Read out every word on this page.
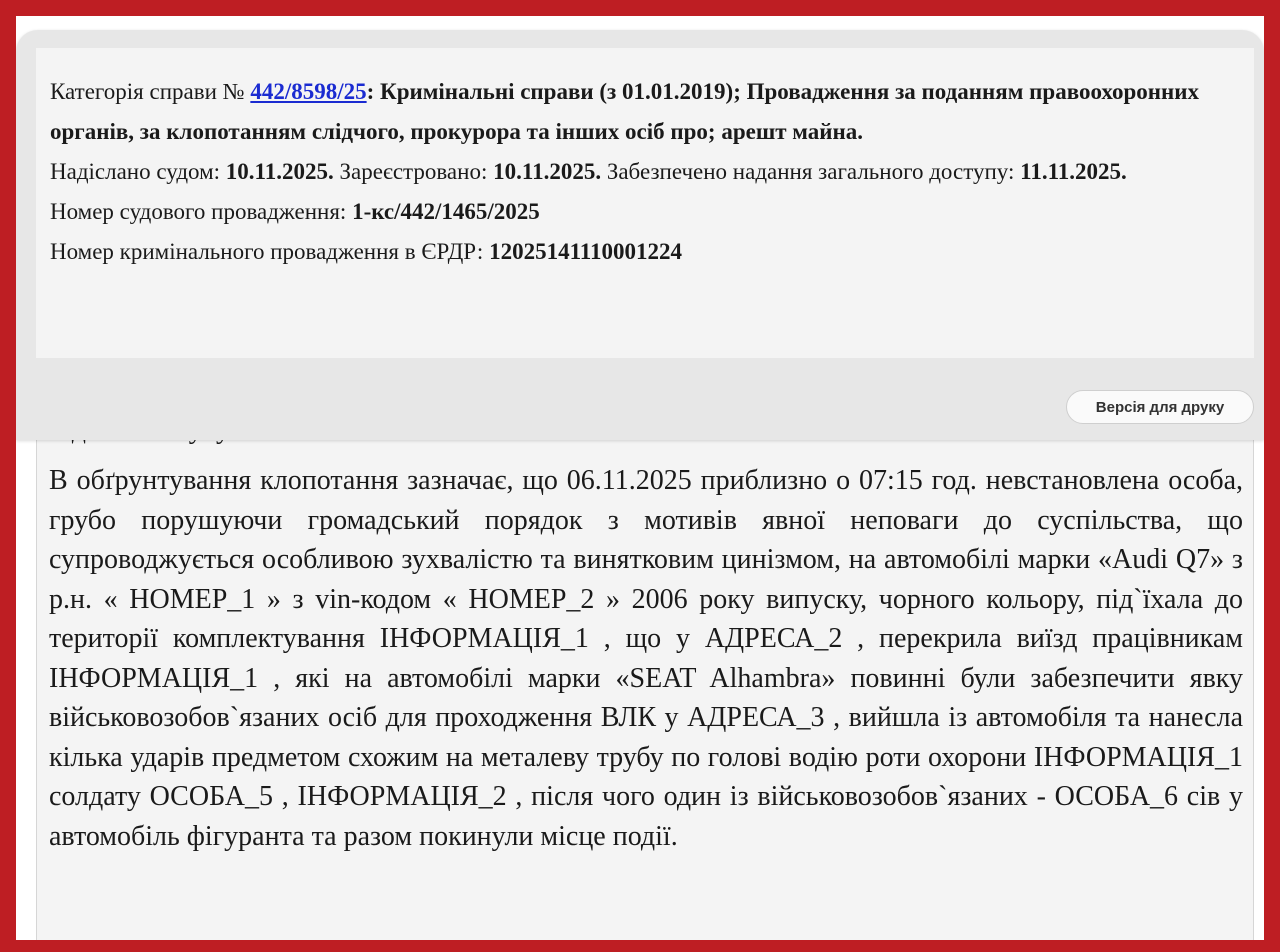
В обґрунтування клопотання зазначає, що 06.11.2025 приблизно о 07:15 год. невстановлена особа, грубо порушуючи громадський порядок з мотивів явної неповаги до суспільства, що супроводжується особливою зухвалістю та винятковим цинізмом, на автомобілі марки «Audi Q7» з р.н. « НОМЕР_1 » з vin-кодом « НОМЕР_2 » 2006 року випуску, чорного кольору, під`їхала до території комплектування ІНФОРМАЦІЯ_1 , що у АДРЕСА_2 , перекрила виїзд працівникам ІНФОРМАЦІЯ_1 , які на автомобілі марки «SEAT Alhambra» повинні були забезпечити явку військовозобов`язаних осіб для проходження ВЛК у АДРЕСА_3 , вийшла із автомобіля та нанесла кілька ударів предметом схожим на металеву трубу по голові водію роти охорони ІНФОРМАЦІЯ_1 солдату ОСОБА_5 , ІНФОРМАЦІЯ_2 , після чого один із військовозобов`язаних - ОСОБА_6 сів у автомобіль фігуранта та разом покинули місце події.

Категорія справи № 442/8598/25: Кримінальні справи (з 01.01.2019); Провадження за поданням правоохоронних органів, за клопотанням слідчого, прокурора та інших осіб про; арешт майна.

Надіслано судом: 10.11.2025. Зареєстровано: 10.11.2025. Забезпечено надання загального доступу: 11.11.2025.

Номер судового провадження: 1-кс/442/1465/2025

Номер кримінального провадження в ЄРДР: 12025141110001224

Версія для друку
